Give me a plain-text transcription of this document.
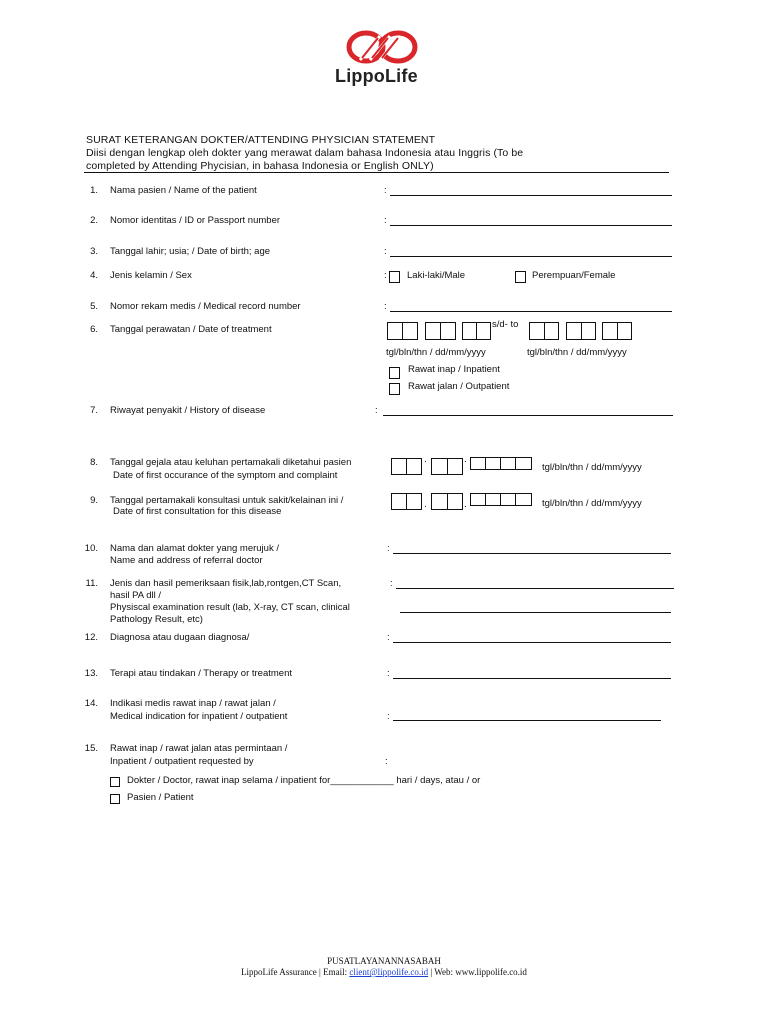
LippoLife
SURAT KETERANGAN DOKTER/ATTENDING PHYSICIAN STATEMENT
Diisi dengan lengkap oleh dokter yang merawat dalam bahasa Indonesia atau Inggris (To be
completed by Attending Phycisian, in bahasa Indonesia or English ONLY)
1. Nama pasien / Name of the patient	:
2. Nomor identitas / ID or Passport number	:
3. Tanggal lahir; usia; / Date of birth; age	:
4. Jenis kelamin / Sex	: Laki-laki/Male	Perempuan/Female
5. Nomor rekam medis / Medical record number	:
6. Tanggal perawatan / Date of treatment	s/d- to
tgl/bln/thn / dd/mm/yyyy	tgl/bln/thn / dd/mm/yyyy
Rawat inap / Inpatient
Rawat jalan / Outpatient
7. Riwayat penyakit / History of disease	:
8. Tanggal gejala atau keluhan pertamakali diketahui pasien
Date of first occurance of the symptom and complaint
.	.
tgl/bln/thn / dd/mm/yyyy
9. Tanggal pertamakali konsultasi untuk sakit/kelainan ini /
Date of first consultation for this disease
.	.	tgl/bln/thn / dd/mm/yyyy
10. Nama dan alamat dokter yang merujuk /
Name and address of referral doctor
:
11. Jenis dan hasil pemeriksaan fisik,lab,rontgen,CT Scan,
hasil PA dll /
Physiscal examination result (lab, X-ray, CT scan, clinical
Pathology Result, etc)
:
12. Diagnosa atau dugaan diagnosa/	:
13. Terapi atau tindakan / Therapy or treatment	:
14. Indikasi medis rawat inap / rawat jalan /
Medical indication for inpatient / outpatient	:
15. Rawat inap / rawat jalan atas permintaan /
Inpatient / outpatient requested by	:
Dokter / Doctor, rawat inap selama / inpatient for____________ hari / days, atau / or
Pasien / Patient
PUSATLAYANANNASABAH
LippoLife Assurance | Email: client@lippolife.co.id | Web: www.lippolife.co.id
